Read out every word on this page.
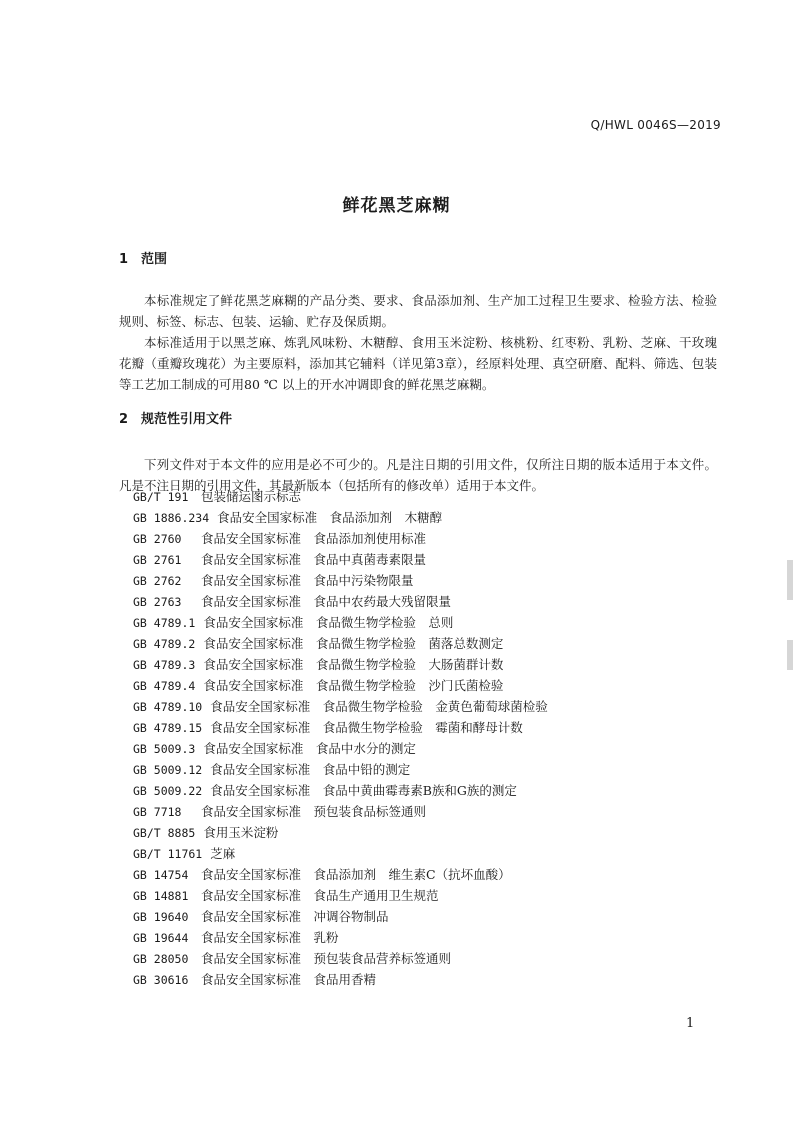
Q/HWL 0046S—2019
鲜花黑芝麻糊
1 范围

本标准规定了鲜花黑芝麻糊的产品分类、要求、食品添加剂、生产加工过程卫生要求、检验方法、检验规则、标签、标志、包装、运输、贮存及保质期。

本标准适用于以黑芝麻、炼乳风味粉、木糖醇、食用玉米淀粉、核桃粉、红枣粉、乳粉、芝麻、干玫瑰花瓣（重瓣玫瑰花）为主要原料，添加其它辅料（详见第3章），经原料处理、真空研磨、配料、筛选、包装等工艺加工制成的可用80 ℃ 以上的开水冲调即食的鲜花黑芝麻糊。

2 规范性引用文件

下列文件对于本文件的应用是必不可少的。凡是注日期的引用文件，仅所注日期的版本适用于本文件。凡是不注日期的引用文件，其最新版本（包括所有的修改单）适用于本文件。

GB/T 191 包装储运图示标志
GB 1886.234 食品安全国家标准　食品添加剂　木糖醇
GB 2760 食品安全国家标准　食品添加剂使用标准
GB 2761 食品安全国家标准　食品中真菌毒素限量
GB 2762 食品安全国家标准　食品中污染物限量
GB 2763 食品安全国家标准　食品中农药最大残留限量
GB 4789.1 食品安全国家标准　食品微生物学检验　总则
GB 4789.2 食品安全国家标准　食品微生物学检验　菌落总数测定
GB 4789.3 食品安全国家标准　食品微生物学检验　大肠菌群计数
GB 4789.4 食品安全国家标准　食品微生物学检验　沙门氏菌检验
GB 4789.10 食品安全国家标准　食品微生物学检验　金黄色葡萄球菌检验
GB 4789.15 食品安全国家标准　食品微生物学检验　霉菌和酵母计数
GB 5009.3 食品安全国家标准　食品中水分的测定
GB 5009.12 食品安全国家标准　食品中铅的测定
GB 5009.22 食品安全国家标准　食品中黄曲霉毒素B族和G族的测定
GB 7718 食品安全国家标准　预包装食品标签通则
GB/T 8885 食用玉米淀粉
GB/T 11761 芝麻
GB 14754 食品安全国家标准　食品添加剂　维生素C（抗坏血酸）
GB 14881 食品安全国家标准　食品生产通用卫生规范
GB 19640 食品安全国家标准　冲调谷物制品
GB 19644 食品安全国家标准　乳粉
GB 28050 食品安全国家标准　预包装食品营养标签通则
GB 30616 食品安全国家标准　食品用香精
1
